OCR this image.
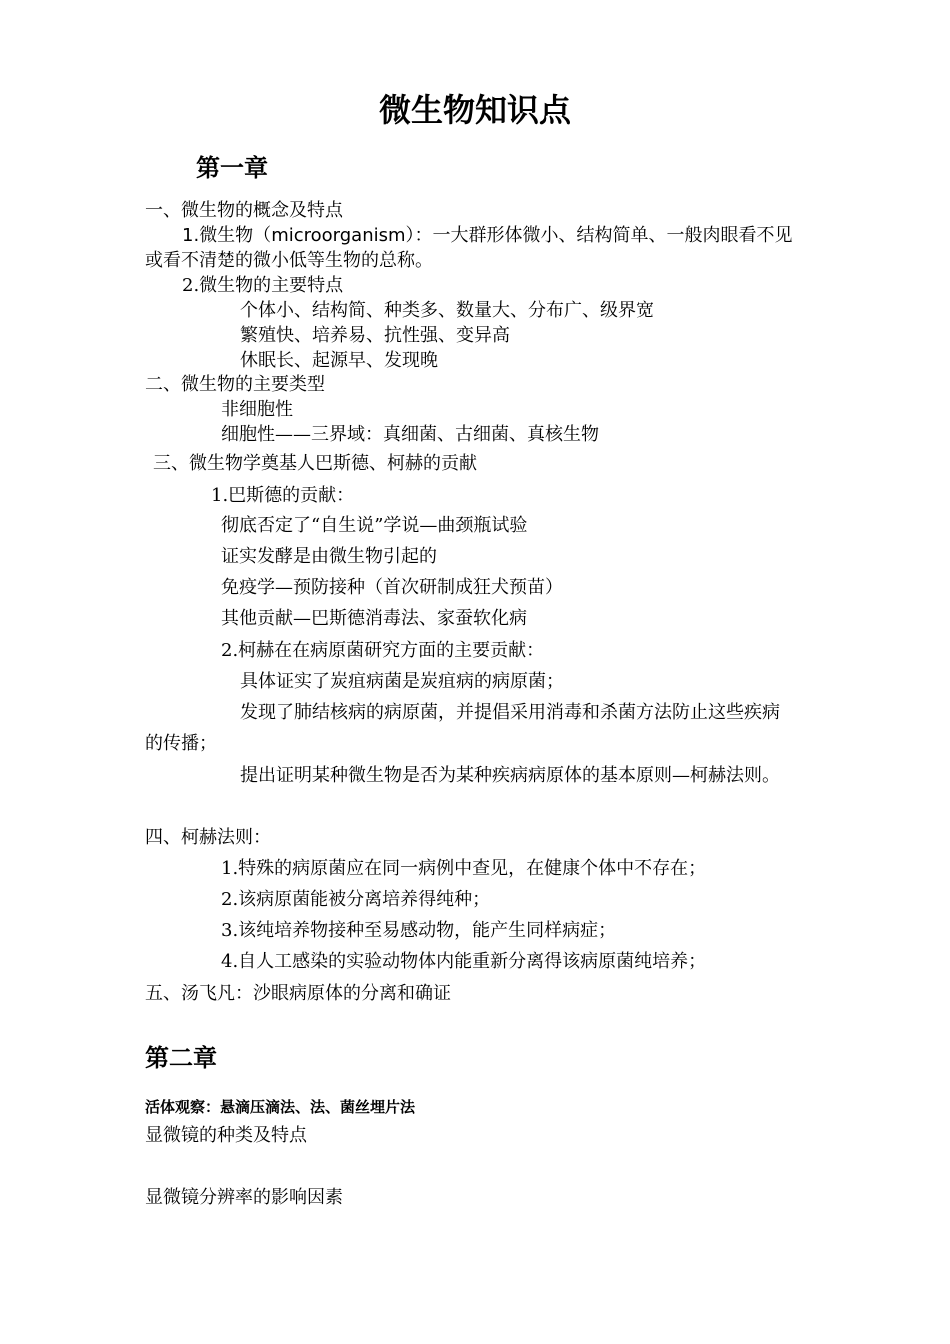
微生物知识点
第一章
一、微生物的概念及特点
1.微生物（microorganism）：一大群形体微小、结构简单、一般肉眼看不见
或看不清楚的微小低等生物的总称。
2.微生物的主要特点
个体小、结构简、种类多、数量大、分布广、级界宽
繁殖快、培养易、抗性强、变异高
休眠长、起源早、发现晚
二、微生物的主要类型
非细胞性
细胞性——三界域：真细菌、古细菌、真核生物
三、微生物学奠基人巴斯德、柯赫的贡献
1.巴斯德的贡献：
彻底否定了“自生说”学说—曲颈瓶试验
证实发酵是由微生物引起的
免疫学—预防接种（首次研制成狂犬预苗）
其他贡献—巴斯德消毒法、家蚕软化病
2.柯赫在在病原菌研究方面的主要贡献：
具体证实了炭疽病菌是炭疽病的病原菌；
发现了肺结核病的病原菌，并提倡采用消毒和杀菌方法防止这些疾病
的传播；
提出证明某种微生物是否为某种疾病病原体的基本原则—柯赫法则。
四、柯赫法则：
1.特殊的病原菌应在同一病例中查见，在健康个体中不存在；
2.该病原菌能被分离培养得纯种；
3.该纯培养物接种至易感动物，能产生同样病症；
4.自人工感染的实验动物体内能重新分离得该病原菌纯培养；
五、汤飞凡：沙眼病原体的分离和确证
第二章
活体观察：悬滴压滴法、法、菌丝埋片法
显微镜的种类及特点
显微镜分辨率的影响因素
